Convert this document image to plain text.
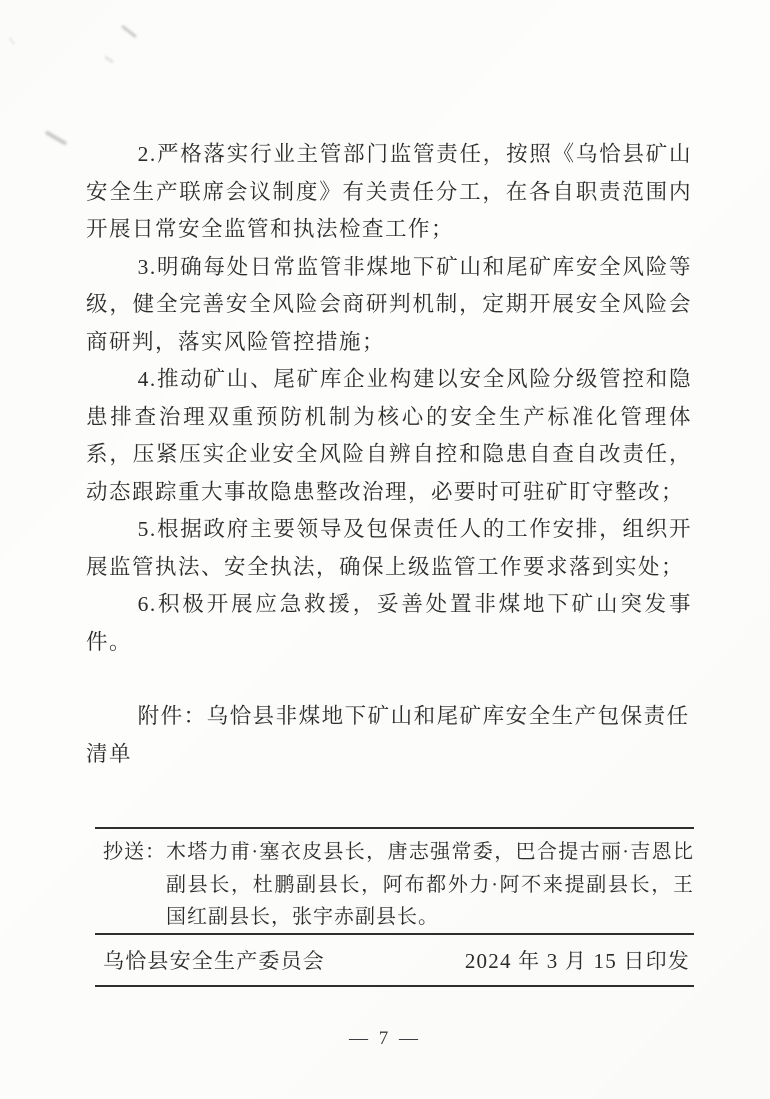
2.严格落实行业主管部门监管责任，按照《乌恰县矿山安全生产联席会议制度》有关责任分工，在各自职责范围内开展日常安全监管和执法检查工作；

3.明确每处日常监管非煤地下矿山和尾矿库安全风险等级，健全完善安全风险会商研判机制，定期开展安全风险会商研判，落实风险管控措施；

4.推动矿山、尾矿库企业构建以安全风险分级管控和隐患排查治理双重预防机制为核心的安全生产标准化管理体系，压紧压实企业安全风险自辨自控和隐患自查自改责任，动态跟踪重大事故隐患整改治理，必要时可驻矿盯守整改；

5.根据政府主要领导及包保责任人的工作安排，组织开展监管执法、安全执法，确保上级监管工作要求落到实处；

6.积极开展应急救援，妥善处置非煤地下矿山突发事件。

附件：乌恰县非煤地下矿山和尾矿库安全生产包保责任清单

抄送： 木塔力甫·塞衣皮县长，唐志强常委，巴合提古丽·吉恩比副县长，杜鹏副县长，阿布都外力·阿不来提副县长，王国红副县长，张宇赤副县长。
乌恰县安全生产委员会	2024 年 3 月 15 日印发
— 7 —
